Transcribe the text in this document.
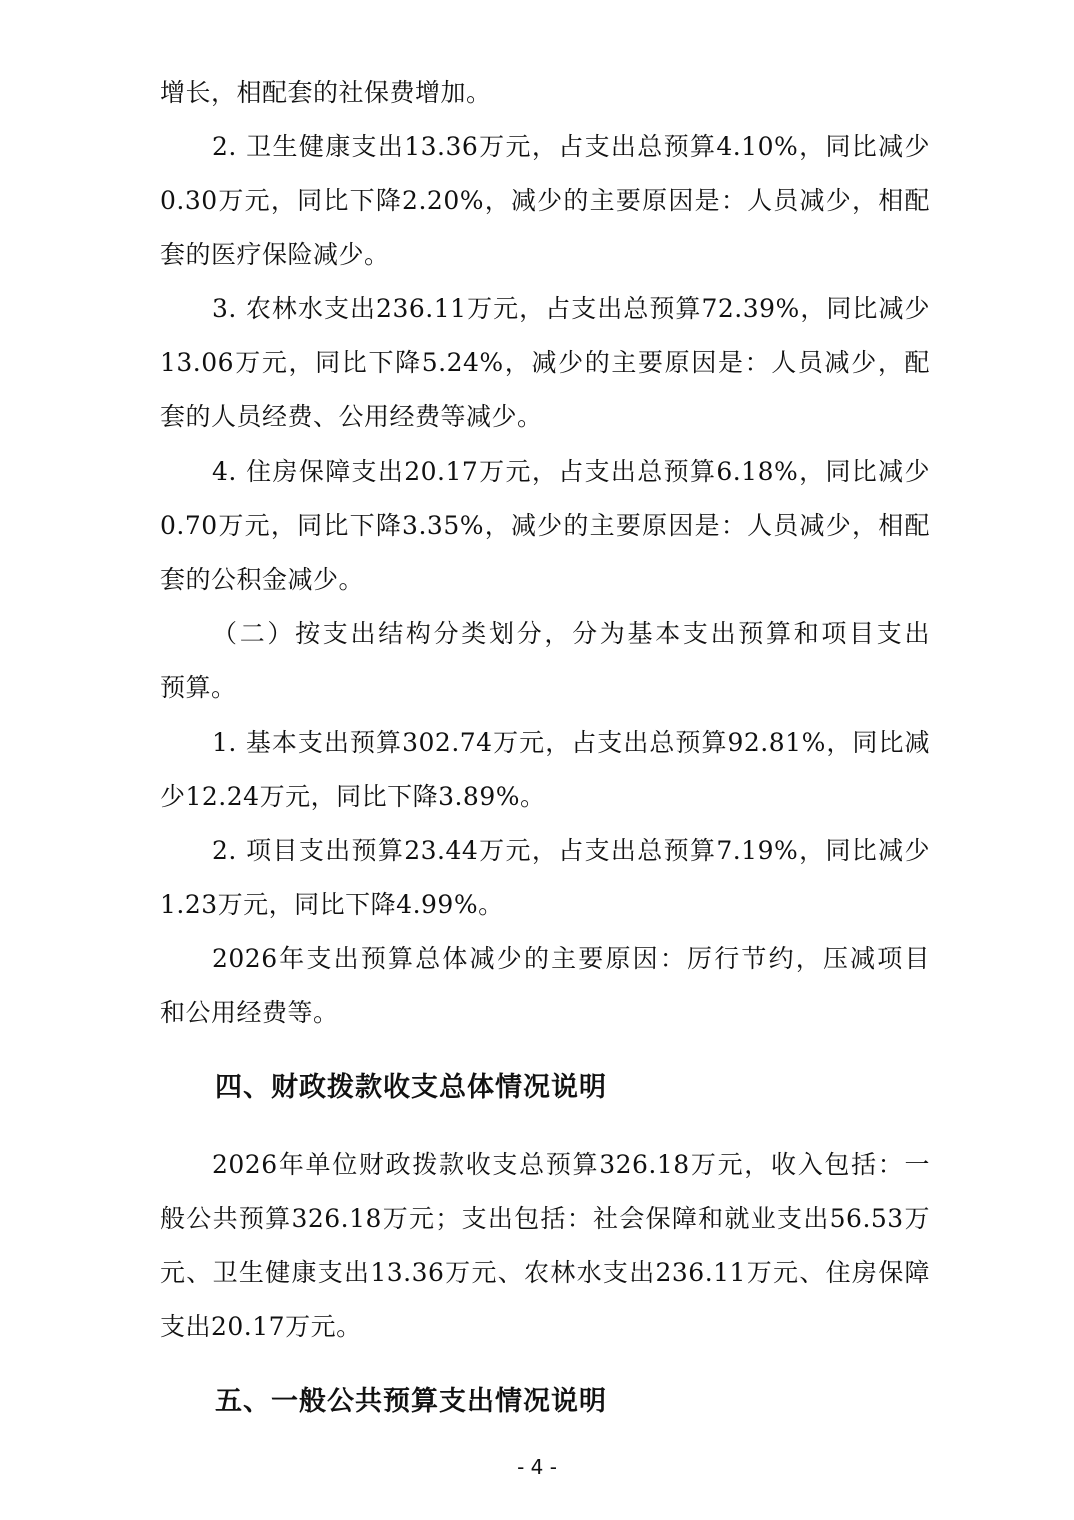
增长，相配套的社保费增加。
2. 卫生健康支出13.36万元，占支出总预算4.10%，同比减少
0.30万元，同比下降2.20%，减少的主要原因是：人员减少，相配
套的医疗保险减少。
3. 农林水支出236.11万元，占支出总预算72.39%，同比减少
13.06万元，同比下降5.24%，减少的主要原因是：人员减少，配
套的人员经费、公用经费等减少。
4. 住房保障支出20.17万元，占支出总预算6.18%，同比减少
0.70万元，同比下降3.35%，减少的主要原因是：人员减少，相配
套的公积金减少。
（二）按支出结构分类划分，分为基本支出预算和项目支出
预算。
1. 基本支出预算302.74万元，占支出总预算92.81%，同比减
少12.24万元，同比下降3.89%。
2. 项目支出预算23.44万元，占支出总预算7.19%，同比减少
1.23万元，同比下降4.99%。
2026年支出预算总体减少的主要原因：厉行节约，压减项目
和公用经费等。
四、财政拨款收支总体情况说明
2026年单位财政拨款收支总预算326.18万元，收入包括：一
般公共预算326.18万元；支出包括：社会保障和就业支出56.53万
元、卫生健康支出13.36万元、农林水支出236.11万元、住房保障
支出20.17万元。
五、一般公共预算支出情况说明
- 4 -
